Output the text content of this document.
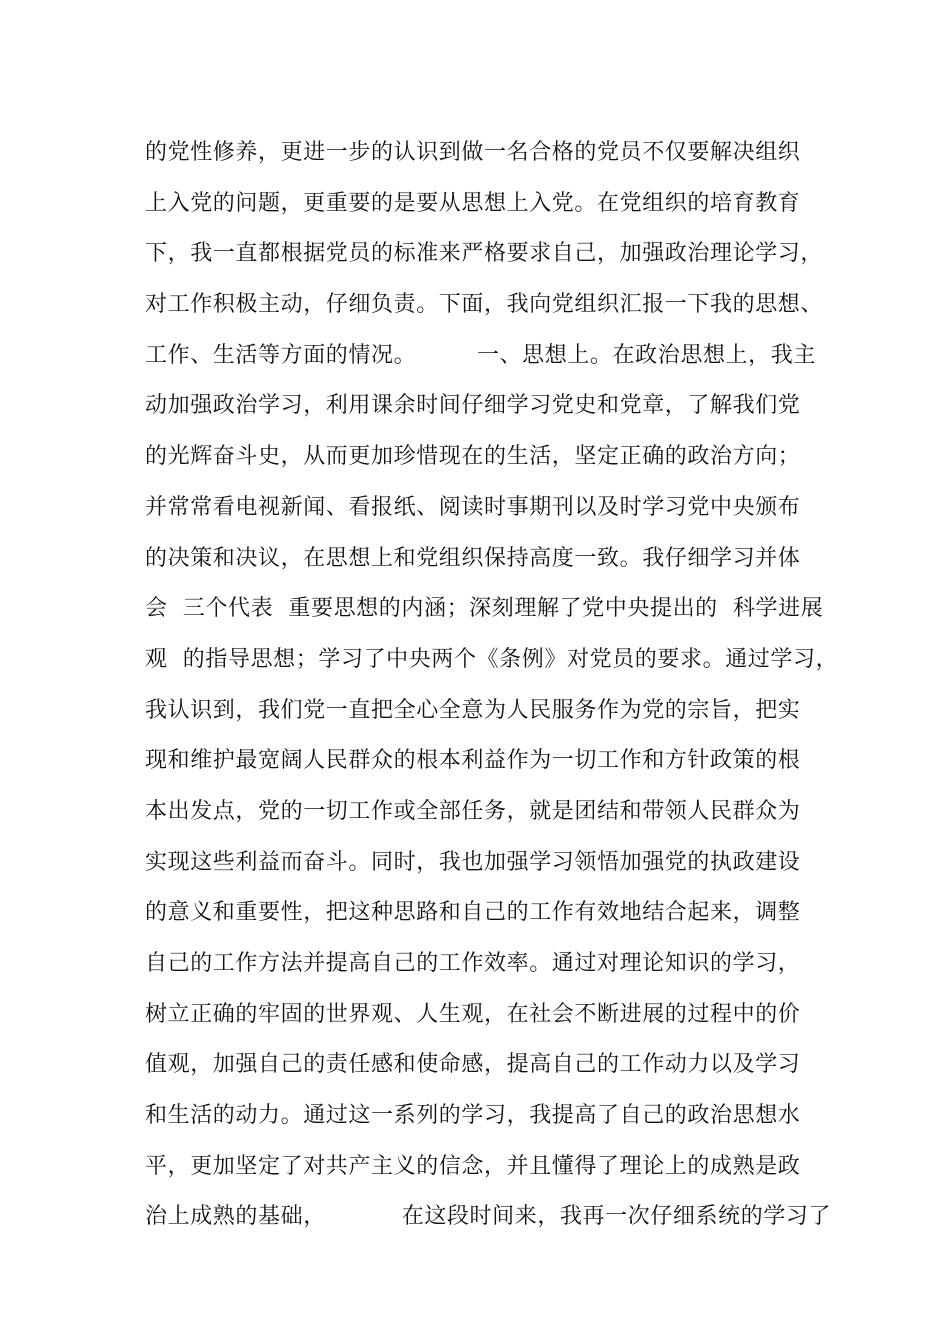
的党性修养，更进一步的认识到做一名合格的党员不仅要解决组织
上入党的问题，更重要的是要从思想上入党。在党组织的培育教育
下，我一直都根据党员的标准来严格要求自己，加强政治理论学习，
对工作积极主动，仔细负责。下面，我向党组织汇报一下我的思想、
工作、生活等方面的情况。        一、思想上。在政治思想上，我主
动加强政治学习，利用课余时间仔细学习党史和党章，了解我们党
的光辉奋斗史，从而更加珍惜现在的生活，坚定正确的政治方向；
并常常看电视新闻、看报纸、阅读时事期刊以及时学习党中央颁布
的决策和决议，在思想上和党组织保持高度一致。我仔细学习并体
会  三个代表  重要思想的内涵；深刻理解了党中央提出的  科学进展
观  的指导思想；学习了中央两个《条例》对党员的要求。通过学习，
我认识到，我们党一直把全心全意为人民服务作为党的宗旨，把实
现和维护最宽阔人民群众的根本利益作为一切工作和方针政策的根
本出发点，党的一切工作或全部任务，就是团结和带领人民群众为
实现这些利益而奋斗。同时，我也加强学习领悟加强党的执政建设
的意义和重要性，把这种思路和自己的工作有效地结合起来，调整
自己的工作方法并提高自己的工作效率。通过对理论知识的学习，
树立正确的牢固的世界观、人生观，在社会不断进展的过程中的价
值观，加强自己的责任感和使命感，提高自己的工作动力以及学习
和生活的动力。通过这一系列的学习，我提高了自己的政治思想水
平，更加坚定了对共产主义的信念，并且懂得了理论上的成熟是政
治上成熟的基础，          在这段时间来，我再一次仔细系统的学习了
